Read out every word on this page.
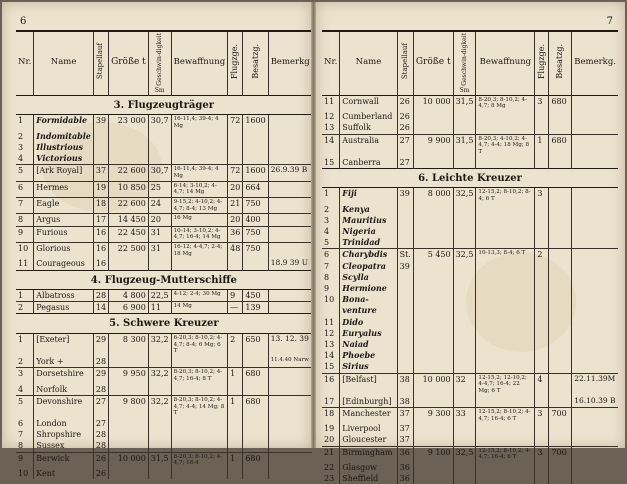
6
Nr.	Name	Stapellauf	Größe t	Geschwin-digkeit
Sm	Bewaffnung	Flugzge.	Besatzg.	Bemerkg
3. Flugzeugträger								
1	Formidable	39	23 000	30,7	16-11,4; 39-4; 4 Mg	72	1600	
2	Indomitable							
3	Illustrious							
4	Victorious							
5	[Ark Royal]	37	22 600	30,7	16-11,4; 39-4; 4 Mg	72	1600	26.9.39 B
6	Hermes	19	10 850	25	6-14; 3-10,2; 4-4,7; 14 Mg	20	664	
7	Eagle	18	22 600	24	9-15,2; 4-10,2; 4-4,7; 8-4; 13 Mg	21	750	
8	Argus	17	14 450	20	16 Mg	20	400	
9	Furious	16	22 450	31	10-14; 3-10,2; 4-4,7; 16-4; 14 Mg	36	750	
10	Glorious	16	22 500	31	16-12; 4-4,7; 2-4; 18 Mg	48	750	
11	Courageous	16						18.9 39 U
4. Flugzeug-Mutterschiffe								
1	Albatross	28	4 800	22,5	4-12; 2-4; 30 Mg	9	450	
2	Pegasus	14	6 900	11	14 Mg	—	139	
5. Schwere Kreuzer								
1	[Exeter]	29	8 300	32,2	6-20,3; 8-10,2; 4-4,7; 8-4; 6 Mg; 6 T	2	650	13. 12. 39
2	York +	28						11.4.40 Narw
3	Dorsetshire	29	9 950	32,2	8-20,3; 8-10,2; 4-4,7; 16-4; 8 T	1	680	
4	Norfolk	28						
5	Devonshire	27	9 800	32,2	8-20,3; 8-10,2; 4-4,7; 4-4; 14 Mg; 8 T	1	680	
6	London	27						
7	Shropshire	28						
8	Sussex	28						
9	Berwick	26	10 000	31,5	8-20,3; 8-10,2; 4-4,7; 16-4	1	680	
10	Kent	26						
7
Nr.	Name	Stapellauf	Größe t	Geschwin-digkeit
Sm	Bewaffnung	Flugzge.	Besatzg.	Bemerkg.
11	Cornwall	26	10 000	31,5	8-20,3; 8-10,2; 4-4,7; 8 Mg	3	680	
12	Cumberland	26						
13	Suffolk	26						
14	Australia	27	9 900	31,5	8-20,3; 4-10,2; 4-4,7; 4-4; 18 Mg; 8 T	1	680	
15	Canberra	27						
6. Leichte Kreuzer								
1	Fiji	39	8 000	32,5	12-15,2; 8-10,2; 8-4; 6 T	3		
2	Kenya							
3	Mauritius							
4	Nigeria							
5	Trinidad							
6	Charybdis	St.	5 450	32,5	10-13,3; 8-4; 6 T	2		
7	Cleopatra	39						
8	Scylla							
9	Hermione							
10	Bona-							
	venture							
11	Dido							
12	Euryalus							
13	Naiad							
14	Phoebe							
15	Sirius							
16	[Belfast]	38	10 000	32	12-15,2; 12-10,2; 4-4,7; 16-4; 22 Mg; 6 T	4		22.11.39M
17	[Edinburgh]	38						16.10.39 B
18	Manchester	37	9 300	33	12-15,2; 8-10,2; 4-4,7; 16-4; 6 T	3	700	
19	Liverpool	37						
20	Gloucester	37						
21	Birmingham	36	9 100	32,5	12-15,2; 8-10,2; 4-4,7; 16-4; 6 T	3	700	
22	Glasgow	36						
23	Sheffield	36						
